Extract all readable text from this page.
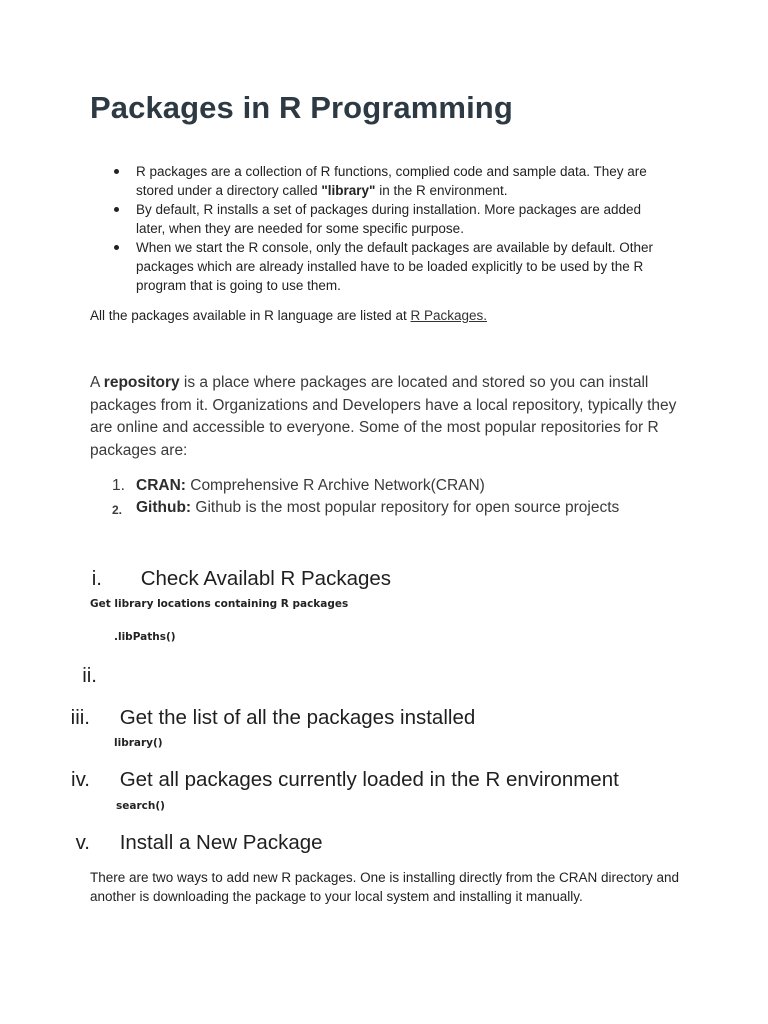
Packages in R Programming
R packages are a collection of R functions, complied code and sample data. They are stored under a directory called "library" in the R environment.
By default, R installs a set of packages during installation. More packages are added later, when they are needed for some specific purpose.
When we start the R console, only the default packages are available by default. Other packages which are already installed have to be loaded explicitly to be used by the R program that is going to use them.
All the packages available in R language are listed at R Packages.

A repository is a place where packages are located and stored so you can install packages from it. Organizations and Developers have a local repository, typically they are online and accessible to everyone. Some of the most popular repositories for R packages are:

1. CRAN: Comprehensive R Archive Network(CRAN)
2. Github: Github is the most popular repository for open source projects
i. Check Availabl R Packages
Get library locations containing R packages
.libPaths()
ii.
iii. Get the list of all the packages installed
library()
iv. Get all packages currently loaded in the R environment
search()
v. Install a New Package

There are two ways to add new R packages. One is installing directly from the CRAN directory and another is downloading the package to your local system and installing it manually.
